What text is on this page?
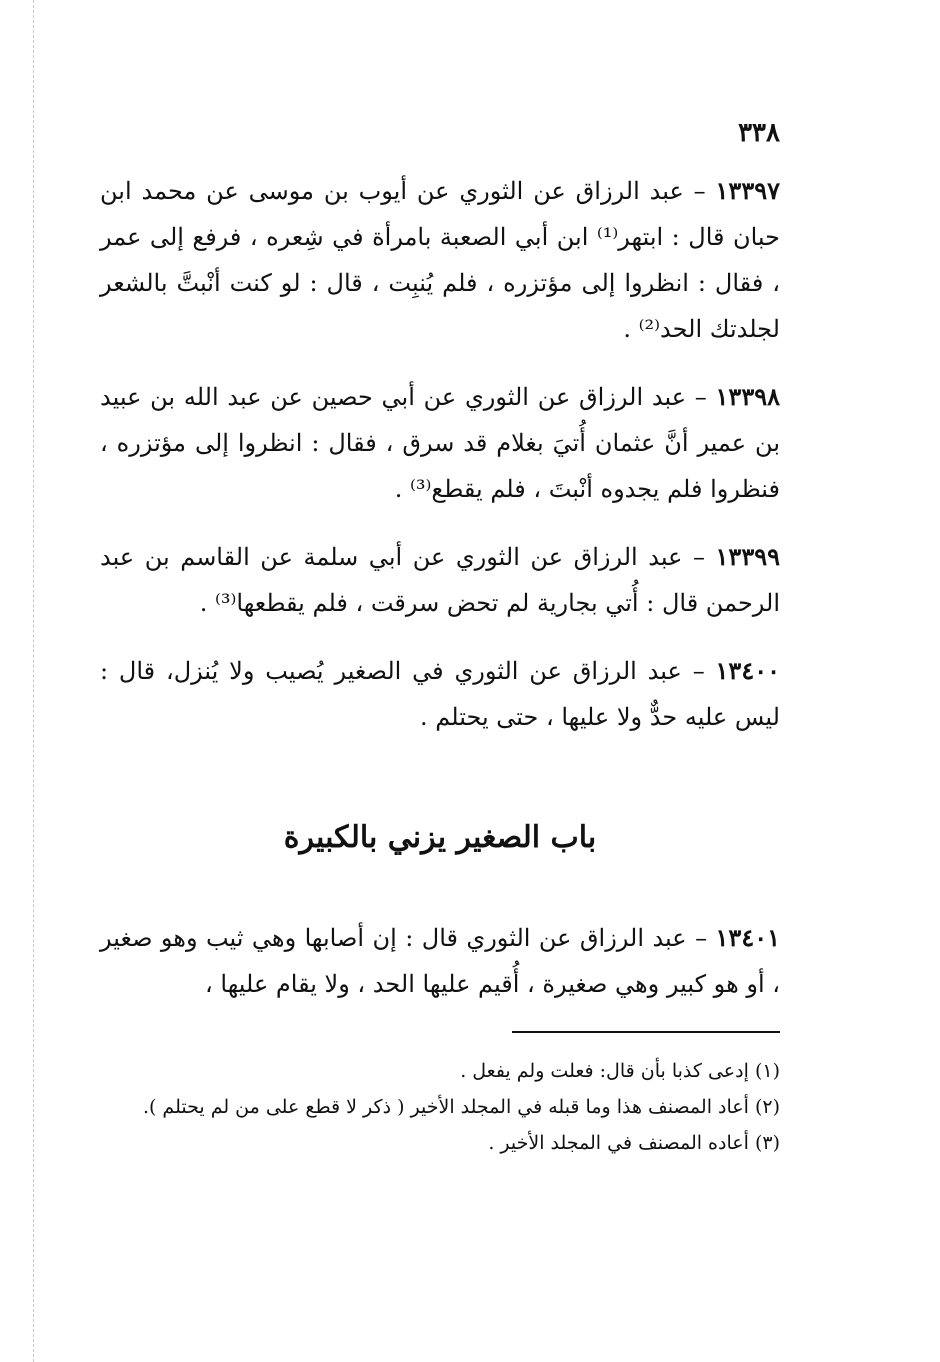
٣٣٨

١٣٣٩٧ – عبد الرزاق عن الثوري عن أيوب بن موسى عن محمد ابن حبان قال : ابتهر⁽¹⁾ ابن أبي الصعبة بامرأة في شِعره ، فرفع إلى عمر ، فقال : انظروا إلى مؤتزره ، فلم يُنبِت ، قال : لو كنت أنْبتَّ بالشعر لجلدتك الحد⁽²⁾ .

١٣٣٩٨ – عبد الرزاق عن الثوري عن أبي حصين عن عبد الله بن عبيد بن عمير أنَّ عثمان أُتيَ بغلام قد سرق ، فقال : انظروا إلى مؤتزره ، فنظروا فلم يجدوه أنْبتَ ، فلم يقطع⁽³⁾ .

١٣٣٩٩ – عبد الرزاق عن الثوري عن أبي سلمة عن القاسم بن عبد الرحمن قال : أُتي بجارية لم تحض سرقت ، فلم يقطعها⁽³⁾ .

١٣٤٠٠ – عبد الرزاق عن الثوري في الصغير يُصيب ولا يُنزل، قال : ليس عليه حدٌّ ولا عليها ، حتى يحتلم .

باب الصغير يزني بالكبيرة

١٣٤٠١ – عبد الرزاق عن الثوري قال : إن أصابها وهي ثيب وهو صغير ، أو هو كبير وهي صغيرة ، أُقيم عليها الحد ، ولا يقام عليها ،

(١) إدعى كذبا بأن قال: فعلت ولم يفعل .

(٢) أعاد المصنف هذا وما قبله في المجلد الأخير ( ذكر لا قطع على من لم يحتلم ).

(٣) أعاده المصنف في المجلد الأخير .
